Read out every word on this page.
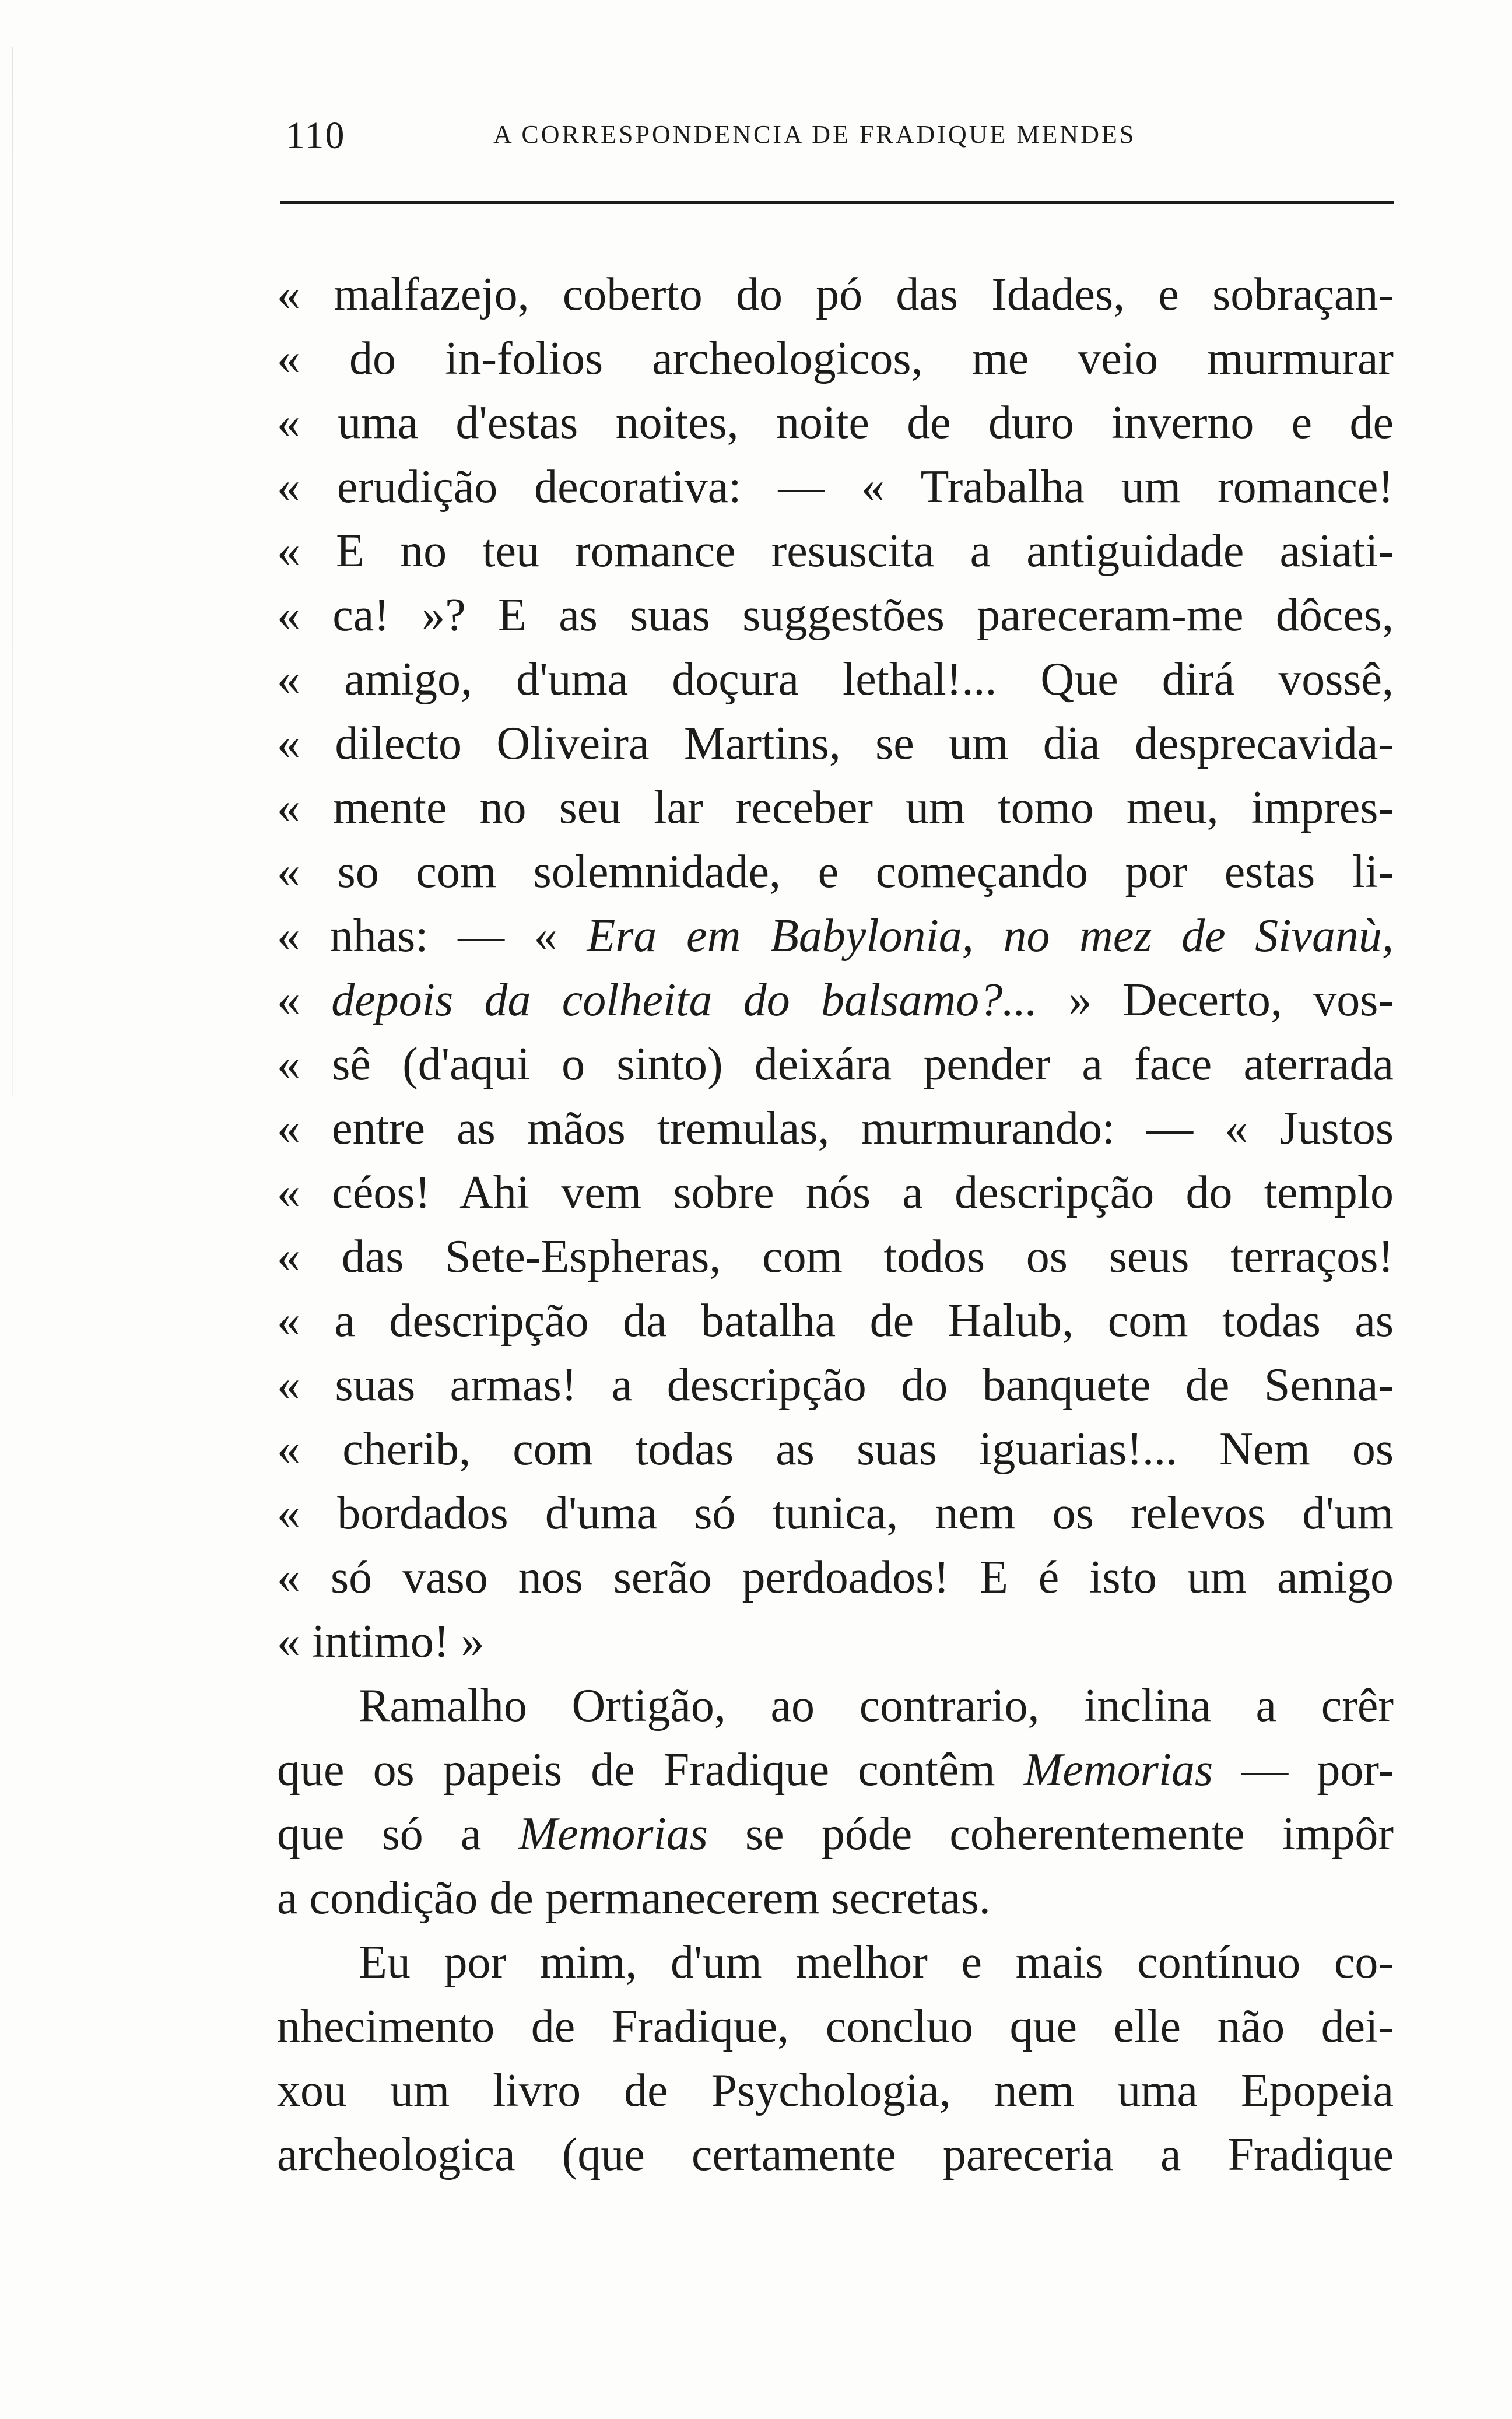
110	A CORRESPONDENCIA DE FRADIQUE MENDES
« malfazejo, coberto do pó das Idades, e sobraçan-
« do in-folios archeologicos, me veio murmurar
« uma d'estas noites, noite de duro inverno e de
« erudição decorativa: — « Trabalha um romance!
« E no teu romance resuscita a antiguidade asiati-
« ca! »? E as suas suggestões pareceram-me dôces,
« amigo, d'uma doçura lethal!... Que dirá vossê,
« dilecto Oliveira Martins, se um dia desprecavida-
« mente no seu lar receber um tomo meu, impres-
« so com solemnidade, e começando por estas li-
« nhas: — « Era em Babylonia, no mez de Sivanù,
« depois da colheita do balsamo?... » Decerto, vos-
« sê (d'aqui o sinto) deixára pender a face aterrada
« entre as mãos tremulas, murmurando: — « Justos
« céos! Ahi vem sobre nós a descripção do templo
« das Sete-Espheras, com todos os seus terraços!
« a descripção da batalha de Halub, com todas as
« suas armas! a descripção do banquete de Senna-
« cherib, com todas as suas iguarias!... Nem os
« bordados d'uma só tunica, nem os relevos d'um
« só vaso nos serão perdoados! E é isto um amigo
« intimo! »
Ramalho Ortigão, ao contrario, inclina a crêr
que os papeis de Fradique contêm Memorias — por-
que só a Memorias se póde coherentemente impôr
a condição de permanecerem secretas.
Eu por mim, d'um melhor e mais contínuo co-
nhecimento de Fradique, concluo que elle não dei-
xou um livro de Psychologia, nem uma Epopeia
archeologica (que certamente pareceria a Fradique
